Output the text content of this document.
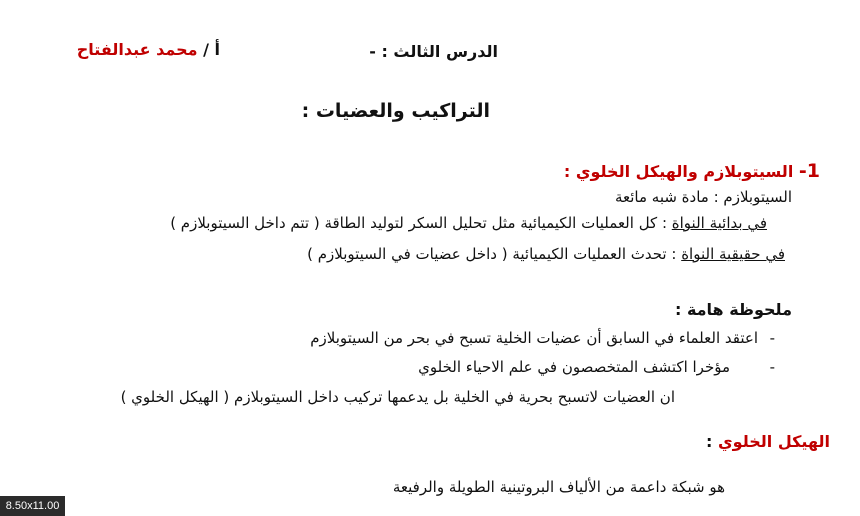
الدرس الثالث : -
أ / محمد عبدالفتاح
التراكيب والعضيات :
1- السيتوبلازم والهيكل الخلوي :
السيتوبلازم : مادة شبه مائعة
في بدائية النواة : كل العمليات الكيميائية مثل تحليل السكر لتوليد الطاقة ( تتم داخل السيتوبلازم )
في حقيقية النواة : تحدث العمليات الكيميائية ( داخل عضيات في السيتوبلازم )
ملحوظة هامة :
اعتقد العلماء في السابق أن عضيات الخلية تسبح في بحر من السيتوبلازم -
مؤخرا اكتشف المتخصصون في علم الاحياء الخلوي	-
ان العضيات لاتسبح بحرية في الخلية بل يدعمها تركيب داخل السيتوبلازم ( الهيكل الخلوي )
الهيكل الخلوي :
هو شبكة داعمة من الألياف البروتينية الطويلة والرفيعة
8.50x11.00
